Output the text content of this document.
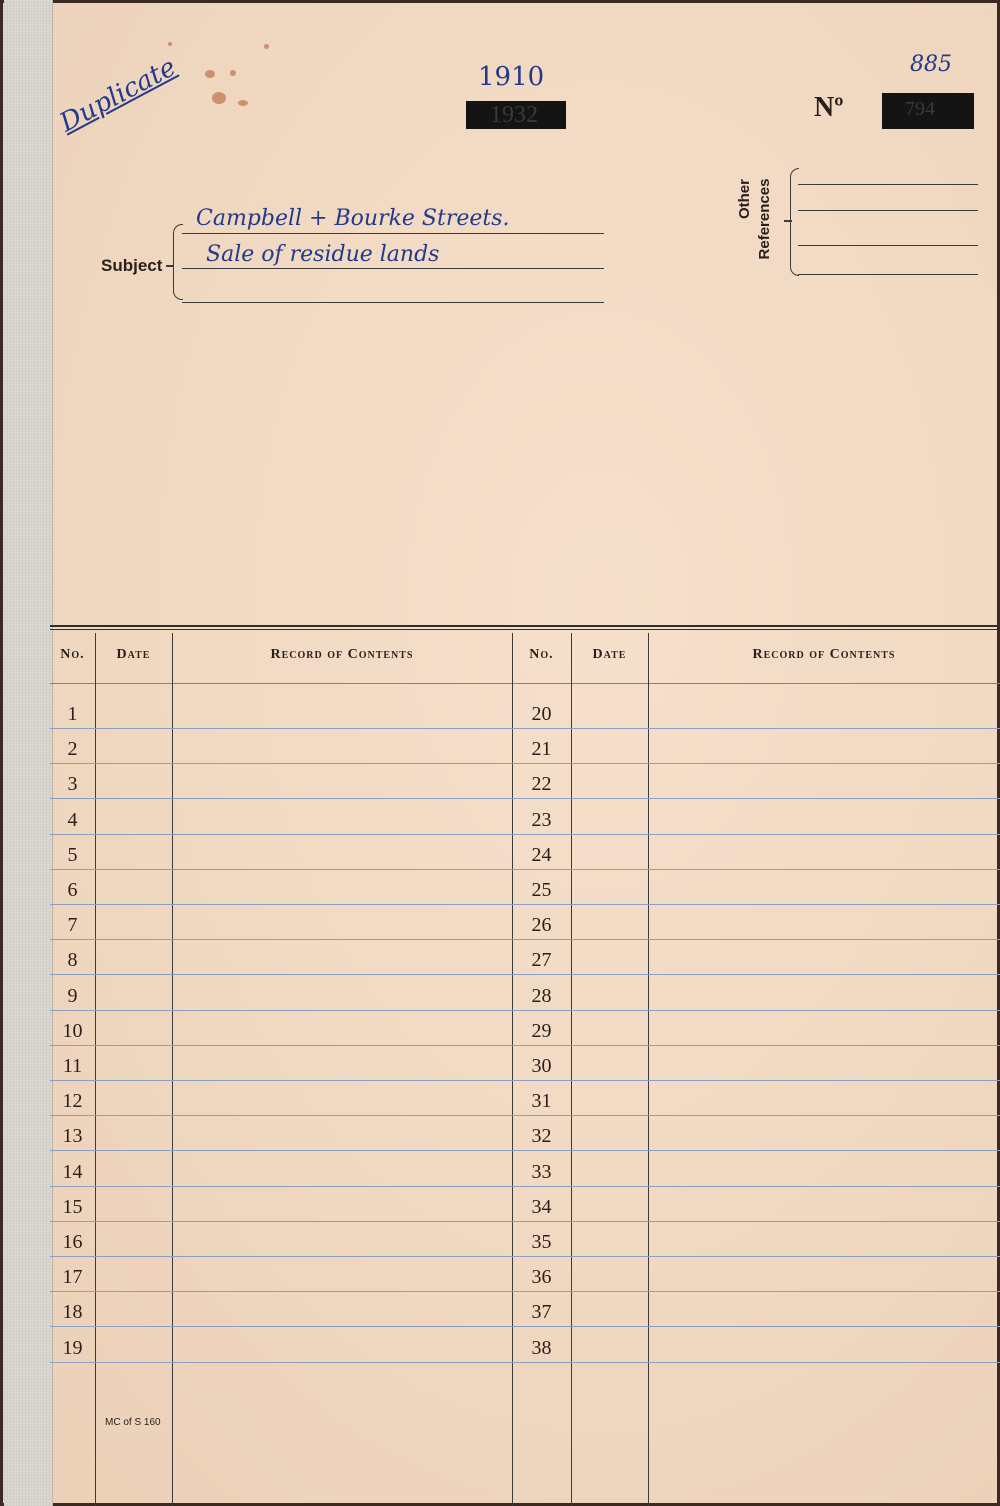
Duplicate	1910
1932
885
Nº	794
Subject
Campbell + Bourke Streets.
Sale of residue lands
Other References
No.	Date	Record of Contents	No.	Date	Record of Contents
1	20
2	21
3	22
4	23
5	24
6	25
7	26
8	27
9	28
10	29
11	30
12	31
13	32
14	33
15	34
16	35
17	36
18	37
19	38
MC of S 160
